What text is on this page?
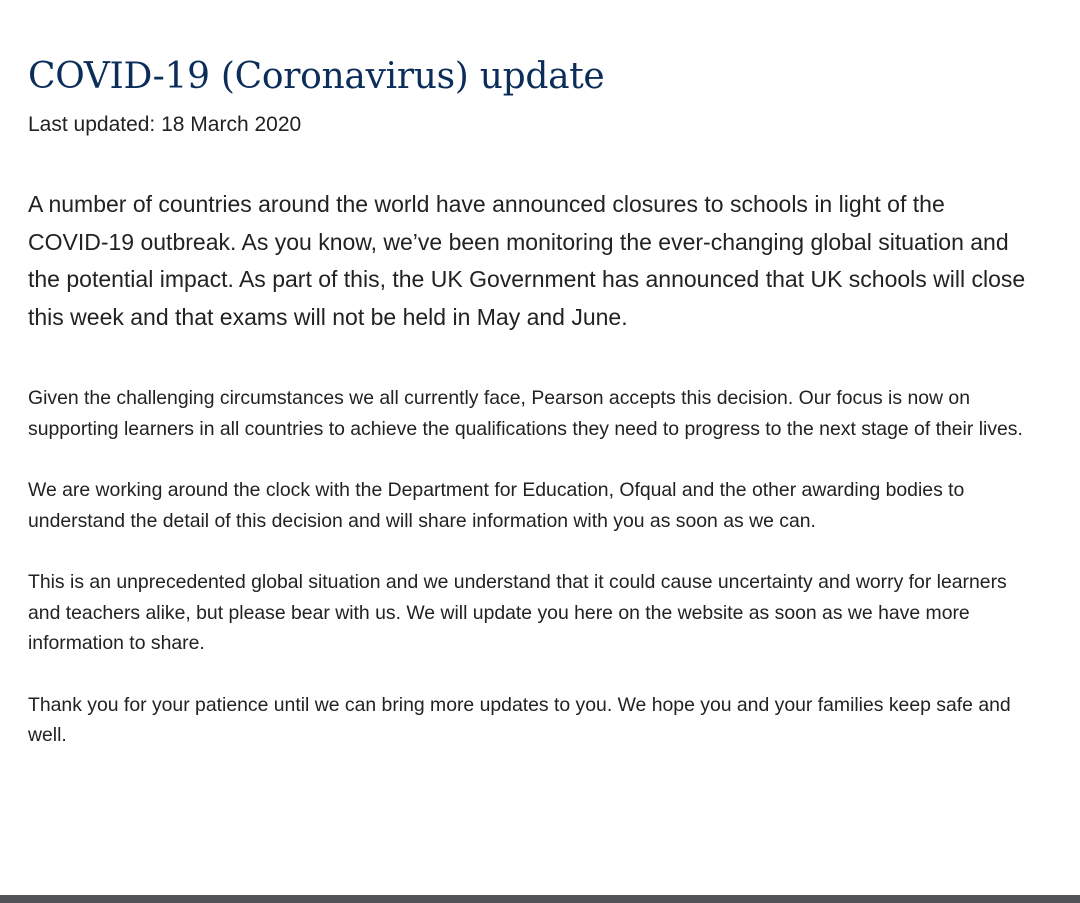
COVID-19 (Coronavirus) update

Last updated: 18 March 2020

A number of countries around the world have announced closures to schools in light of the COVID-19 outbreak. As you know, we’ve been monitoring the ever-changing global situation and the potential impact. As part of this, the UK Government has announced that UK schools will close this week and that exams will not be held in May and June.

Given the challenging circumstances we all currently face, Pearson accepts this decision. Our focus is now on supporting learners in all countries to achieve the qualifications they need to progress to the next stage of their lives.

We are working around the clock with the Department for Education, Ofqual and the other awarding bodies to understand the detail of this decision and will share information with you as soon as we can.

This is an unprecedented global situation and we understand that it could cause uncertainty and worry for learners and teachers alike, but please bear with us. We will update you here on the website as soon as we have more information to share.

Thank you for your patience until we can bring more updates to you. We hope you and your families keep safe and well.
